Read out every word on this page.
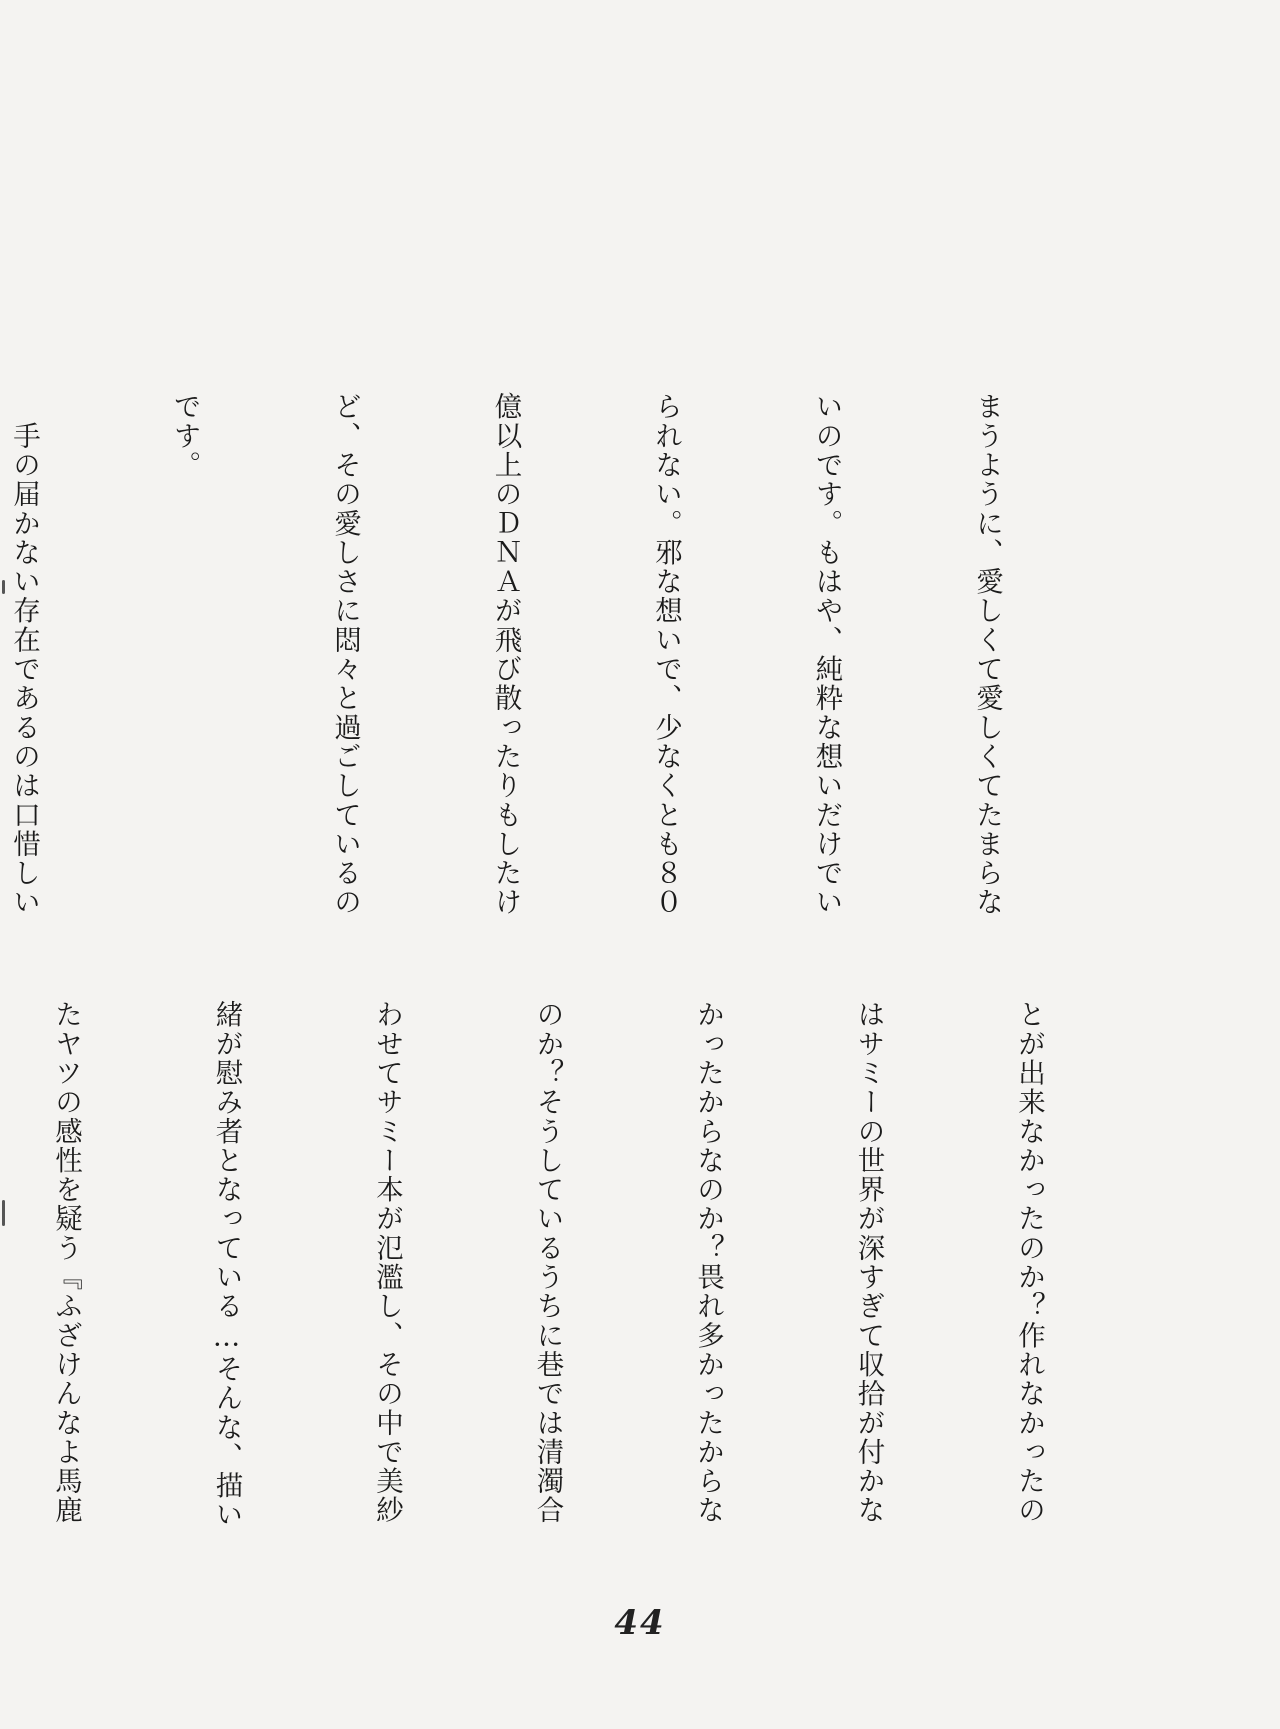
まうように、愛しくて愛しくてたまらな

いのです。もはや、純粋な想いだけでい

られない。邪な想いで、少なくとも８０

億以上のＤＮＡが飛び散ったりもしたけ

ど、その愛しさに悶々と過ごしているの

です。

　手の届かない存在であるのは口惜しい

とが出来なかったのか？作れなかったの

はサミーの世界が深すぎて収拾が付かな

かったからなのか？畏れ多かったからな

のか？そうしているうちに巷では清濁合

わせてサミー本が氾濫し、その中で美紗

緒が慰み者となっている…そんな、描い

たヤツの感性を疑う『ふざけんなよ馬鹿

44
